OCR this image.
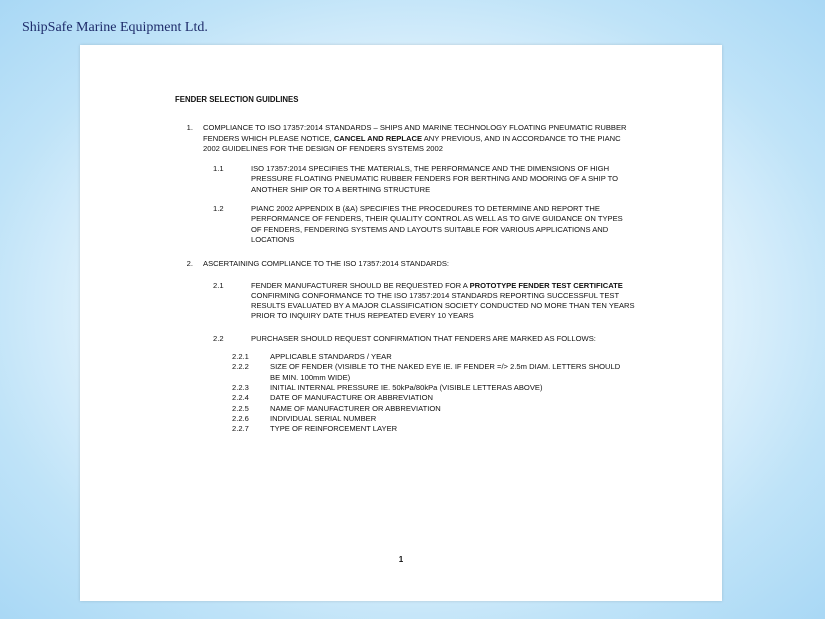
ShipSafe Marine Equipment Ltd.
FENDER SELECTION GUIDLINES
1.	COMPLIANCE TO ISO 17357:2014 STANDARDS – SHIPS AND MARINE TECHNOLOGY FLOATING PNEUMATIC RUBBER FENDERS WHICH PLEASE NOTICE, CANCEL AND REPLACE ANY PREVIOUS, AND IN ACCORDANCE TO THE PIANC 2002 GUIDELINES FOR THE DESIGN OF FENDERS SYSTEMS 2002
1.1	ISO 17357:2014 SPECIFIES THE MATERIALS, THE PERFORMANCE AND THE DIMENSIONS OF HIGH PRESSURE FLOATING PNEUMATIC RUBBER FENDERS FOR BERTHING AND MOORING OF A SHIP TO ANOTHER SHIP OR TO A BERTHING STRUCTURE
1.2	PIANC 2002 APPENDIX B (&A) SPECIFIES THE PROCEDURES TO DETERMINE AND REPORT THE PERFORMANCE OF FENDERS, THEIR QUALITY CONTROL AS WELL AS TO GIVE GUIDANCE ON TYPES OF FENDERS, FENDERING SYSTEMS AND LAYOUTS SUITABLE FOR VARIOUS APPLICATIONS AND LOCATIONS
2.	ASCERTAINING COMPLIANCE TO THE ISO 17357:2014 STANDARDS:
2.1	FENDER MANUFACTURER SHOULD BE REQUESTED FOR A PROTOTYPE FENDER TEST CERTIFICATE CONFIRMING CONFORMANCE TO THE ISO 17357:2014 STANDARDS REPORTING SUCCESSFUL TEST RESULTS EVALUATED BY A MAJOR CLASSIFICATION SOCIETY CONDUCTED NO MORE THAN TEN YEARS PRIOR TO INQUIRY DATE THUS REPEATED EVERY 10 YEARS
2.2	PURCHASER SHOULD REQUEST CONFIRMATION THAT FENDERS ARE MARKED AS FOLLOWS:
2.2.1	APPLICABLE STANDARDS / YEAR
2.2.2	SIZE OF FENDER (VISIBLE TO THE NAKED EYE IE. IF FENDER =/> 2.5m DIAM. LETTERS SHOULD BE MIN. 100mm WIDE)
2.2.3	INITIAL INTERNAL PRESSURE IE. 50kPa/80kPa (VISIBLE LETTERAS ABOVE)
2.2.4	DATE OF MANUFACTURE OR ABBREVIATION
2.2.5	NAME OF MANUFACTURER OR ABBREVIATION
2.2.6	INDIVIDUAL SERIAL NUMBER
2.2.7	TYPE OF REINFORCEMENT LAYER
1
